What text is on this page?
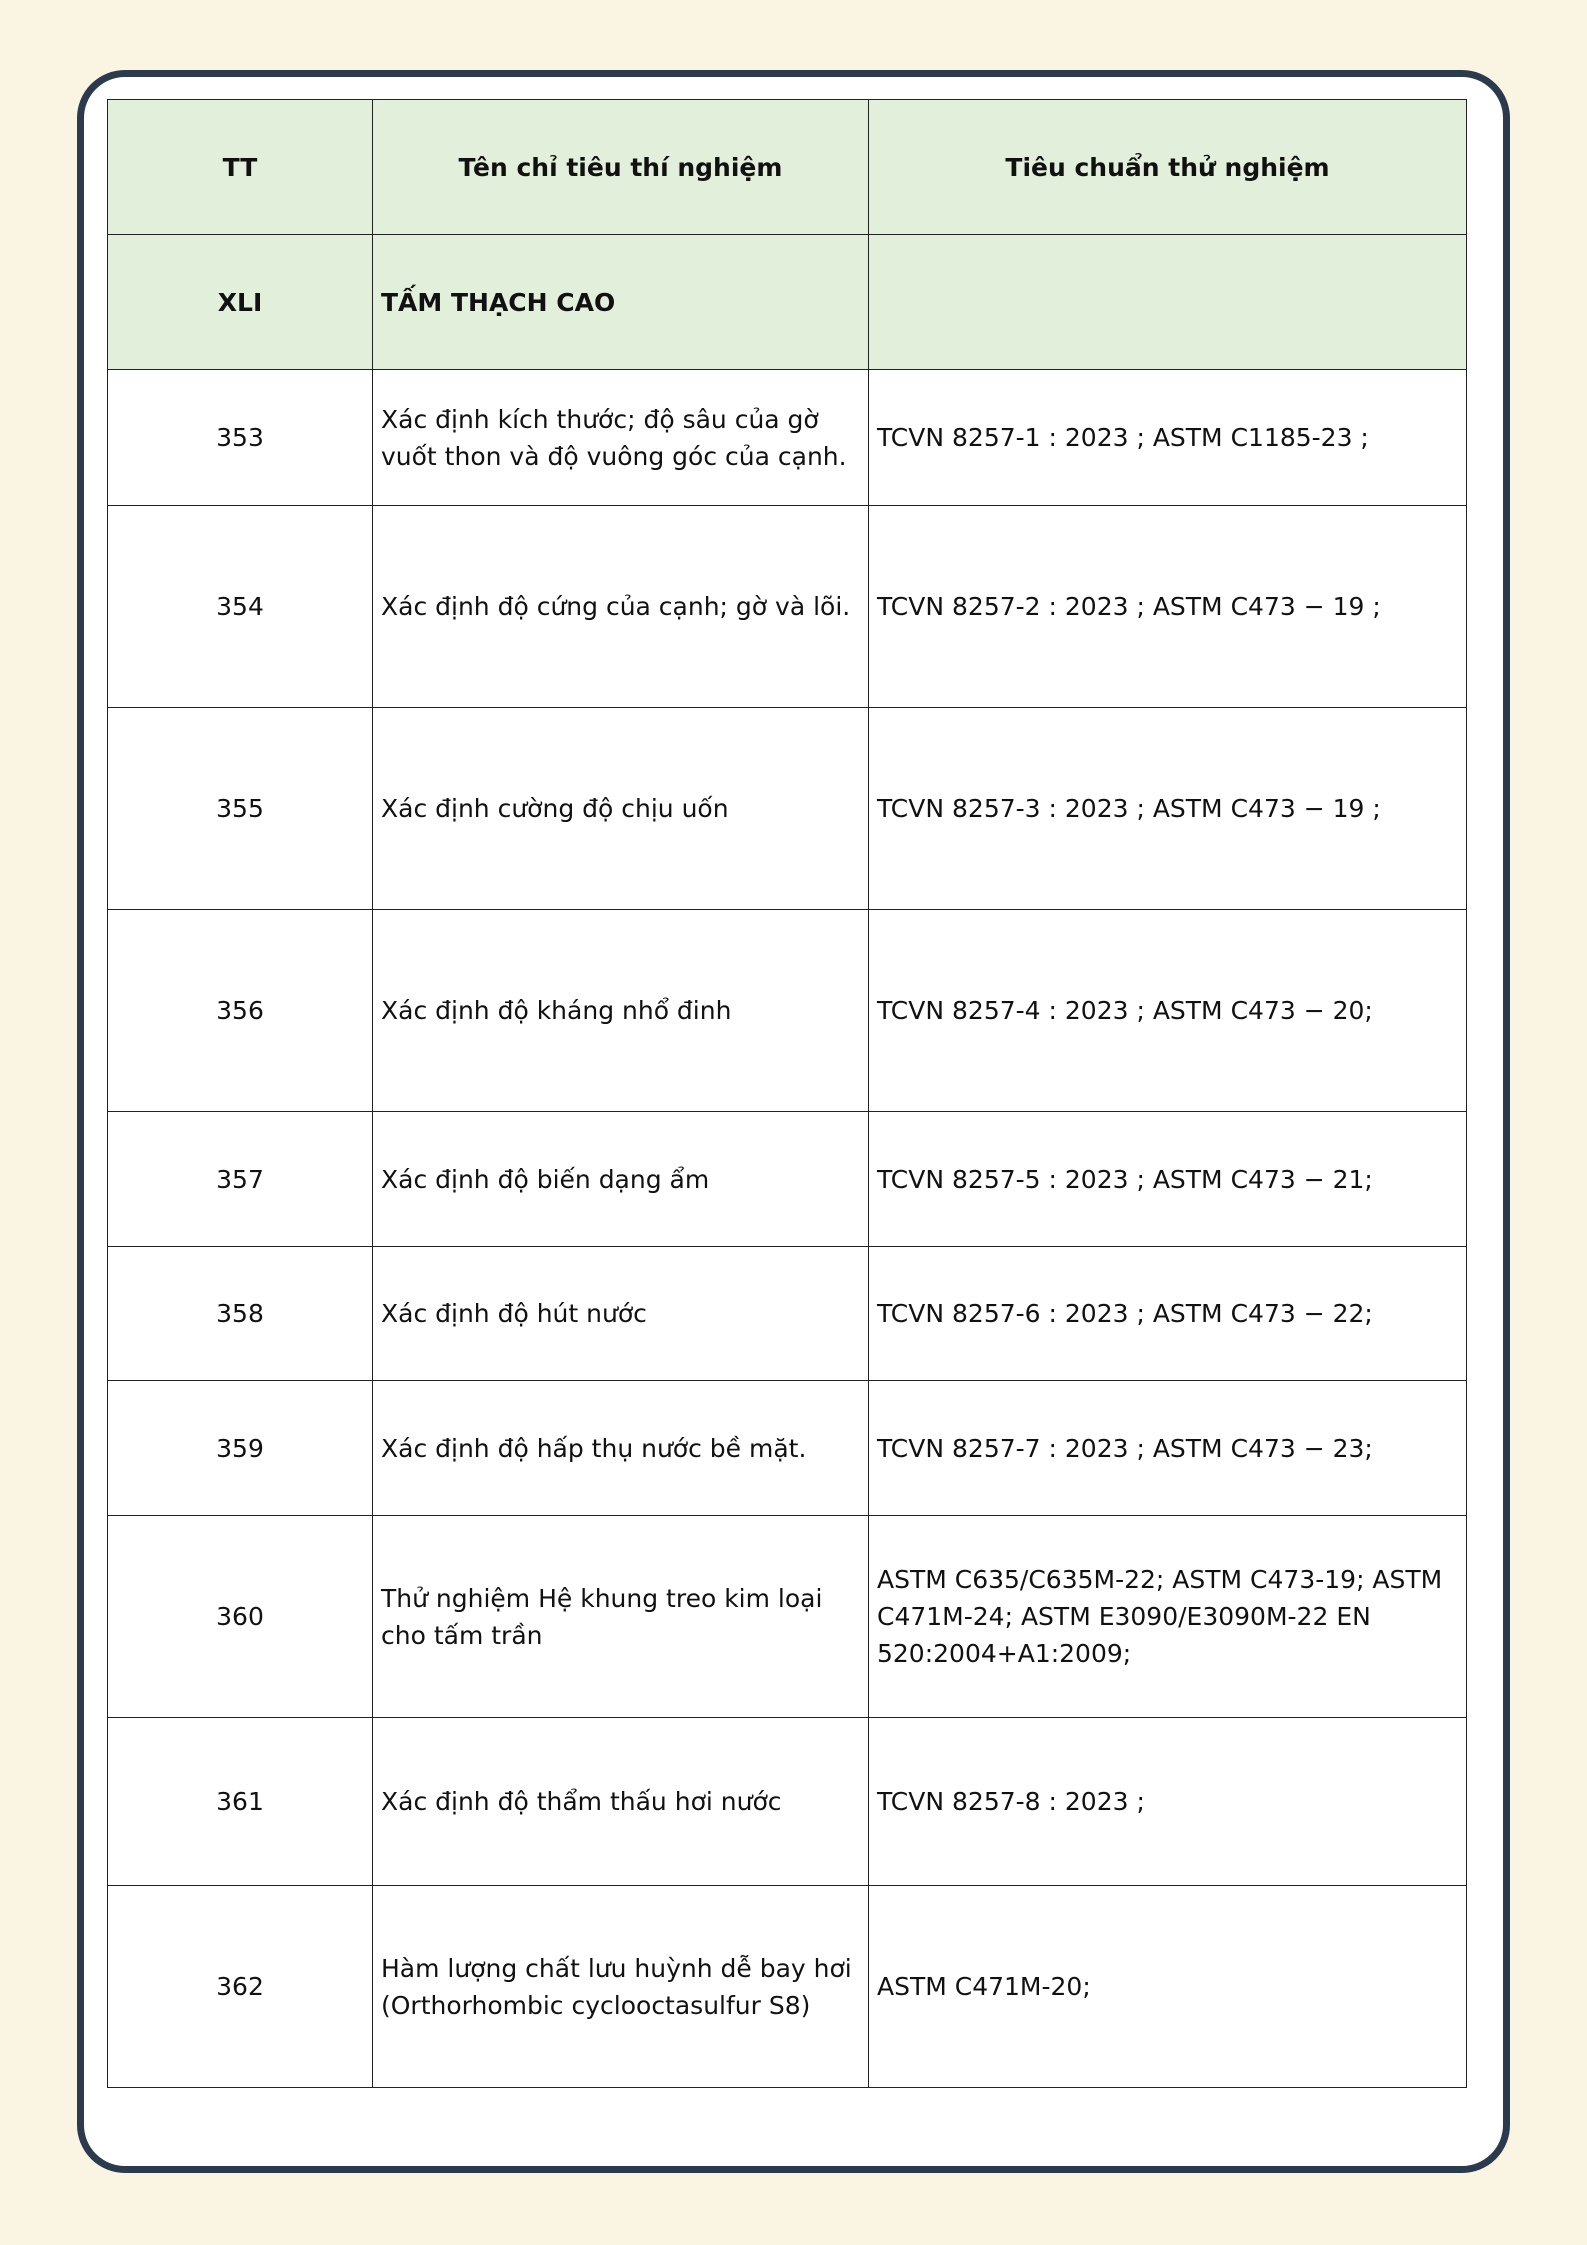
TT	Tên chỉ tiêu thí nghiệm	Tiêu chuẩn thử nghiệm
XLI	TẤM THẠCH CAO	
353	Xác định kích thước; độ sâu của gờ vuốt thon và độ vuông góc của cạnh.	TCVN 8257-1 : 2023 ; ASTM C1185-23 ;
354	Xác định độ cứng của cạnh; gờ và lõi.	TCVN 8257-2 : 2023 ; ASTM C473 − 19 ;
355	Xác định cường độ chịu uốn	TCVN 8257-3 : 2023 ; ASTM C473 − 19 ;
356	Xác định độ kháng nhổ đinh	TCVN 8257-4 : 2023 ; ASTM C473 − 20;
357	Xác định độ biến dạng ẩm	TCVN 8257-5 : 2023 ; ASTM C473 − 21;
358	Xác định độ hút nước	TCVN 8257-6 : 2023 ; ASTM C473 − 22;
359	Xác định độ hấp thụ nước bề mặt.	TCVN 8257-7 : 2023 ; ASTM C473 − 23;
360	Thử nghiệm Hệ khung treo kim loại cho tấm trần	ASTM C635/C635M-22; ASTM C473-19; ASTM C471M-24; ASTM E3090/E3090M-22 EN 520:2004+A1:2009;
361	Xác định độ thẩm thấu hơi nước	TCVN 8257-8 : 2023 ;
362	Hàm lượng chất lưu huỳnh dễ bay hơi (Orthorhombic cyclooctasulfur S8)	ASTM C471M-20;
